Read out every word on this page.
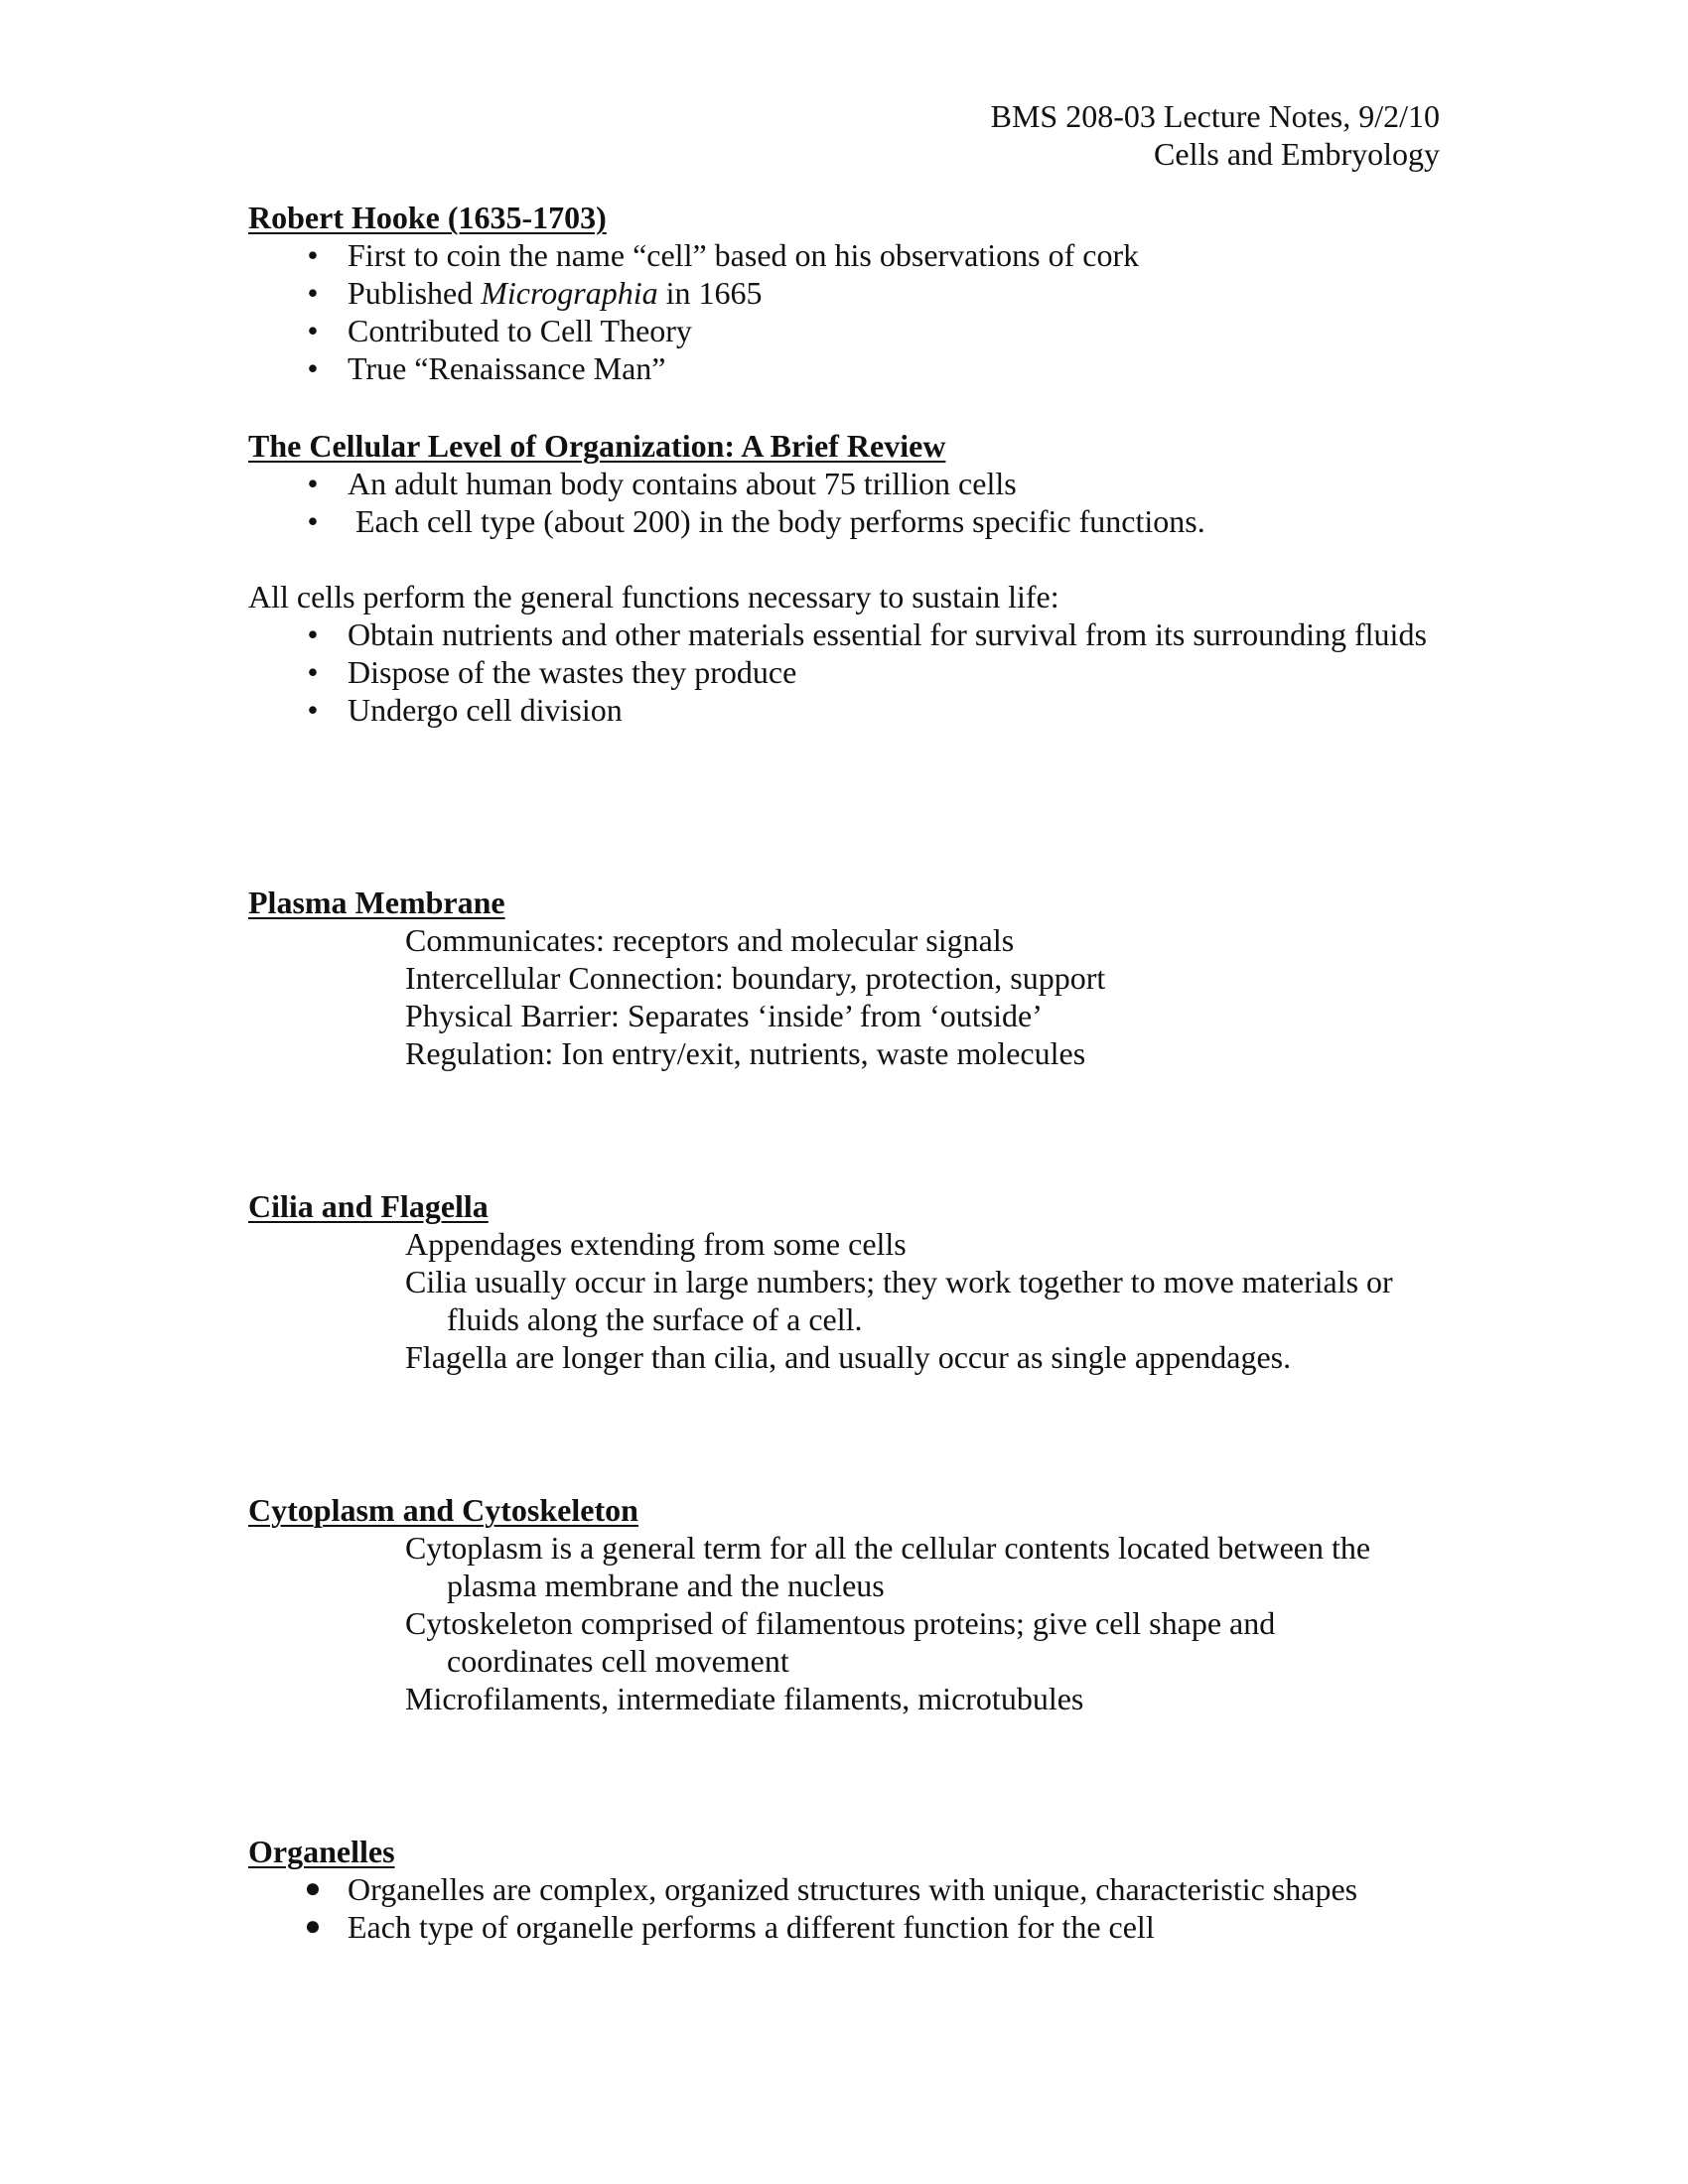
BMS 208-03 Lecture Notes, 9/2/10
Cells and Embryology
Robert Hooke (1635-1703)
• First to coin the name “cell” based on his observations of cork
• Published Micrographia in 1665
• Contributed to Cell Theory
• True “Renaissance Man”
The Cellular Level of Organization: A Brief Review
• An adult human body contains about 75 trillion cells
• Each cell type (about 200) in the body performs specific functions.
All cells perform the general functions necessary to sustain life:
• Obtain nutrients and other materials essential for survival from its surrounding fluids
• Dispose of the wastes they produce
• Undergo cell division
Plasma Membrane
Communicates: receptors and molecular signals
Intercellular Connection: boundary, protection, support
Physical Barrier: Separates ‘inside’ from ‘outside’
Regulation: Ion entry/exit, nutrients, waste molecules
Cilia and Flagella
Appendages extending from some cells
Cilia usually occur in large numbers; they work together to move materials or fluids along the surface of a cell.
Flagella are longer than cilia, and usually occur as single appendages.
Cytoplasm and Cytoskeleton
Cytoplasm is a general term for all the cellular contents located between the plasma membrane and the nucleus
Cytoskeleton comprised of filamentous proteins; give cell shape and coordinates cell movement
Microfilaments, intermediate filaments, microtubules
Organelles
● Organelles are complex, organized structures with unique, characteristic shapes
● Each type of organelle performs a different function for the cell
